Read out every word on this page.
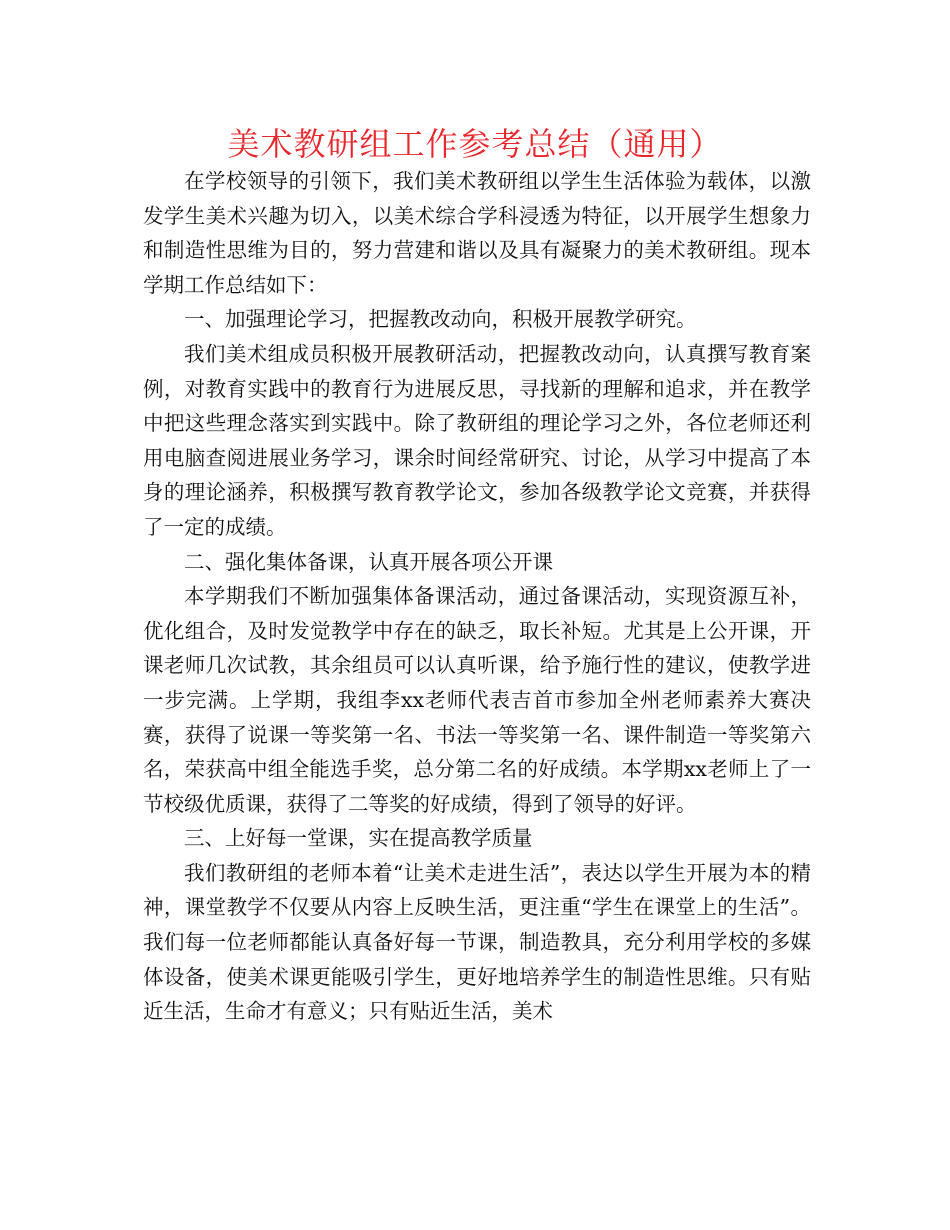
美术教研组工作参考总结（通用）

在学校领导的引领下，我们美术教研组以学生生活体验为载体，以激发学生美术兴趣为切入，以美术综合学科浸透为特征，以开展学生想象力和制造性思维为目的，努力营建和谐以及具有凝聚力的美术教研组。现本学期工作总结如下：

一、加强理论学习，把握教改动向，积极开展教学研究。

我们美术组成员积极开展教研活动，把握教改动向，认真撰写教育案例，对教育实践中的教育行为进展反思，寻找新的理解和追求，并在教学中把这些理念落实到实践中。除了教研组的理论学习之外，各位老师还利用电脑查阅进展业务学习，课余时间经常研究、讨论，从学习中提高了本身的理论涵养，积极撰写教育教学论文，参加各级教学论文竞赛，并获得了一定的成绩。

二、强化集体备课，认真开展各项公开课

本学期我们不断加强集体备课活动，通过备课活动，实现资源互补，优化组合，及时发觉教学中存在的缺乏，取长补短。尤其是上公开课，开课老师几次试教，其余组员可以认真听课，给予施行性的建议，使教学进一步完满。上学期，我组李xx老师代表吉首市参加全州老师素养大赛决赛，获得了说课一等奖第一名、书法一等奖第一名、课件制造一等奖第六名，荣获高中组全能选手奖，总分第二名的好成绩。本学期xx老师上了一节校级优质课，获得了二等奖的好成绩，得到了领导的好评。

三、上好每一堂课，实在提高教学质量

我们教研组的老师本着“让美术走进生活”，表达以学生开展为本的精神，课堂教学不仅要从内容上反映生活，更注重“学生在课堂上的生活”。我们每一位老师都能认真备好每一节课，制造教具，充分利用学校的多媒体设备，使美术课更能吸引学生，更好地培养学生的制造性思维。只有贴近生活，生命才有意义；只有贴近生活，美术
